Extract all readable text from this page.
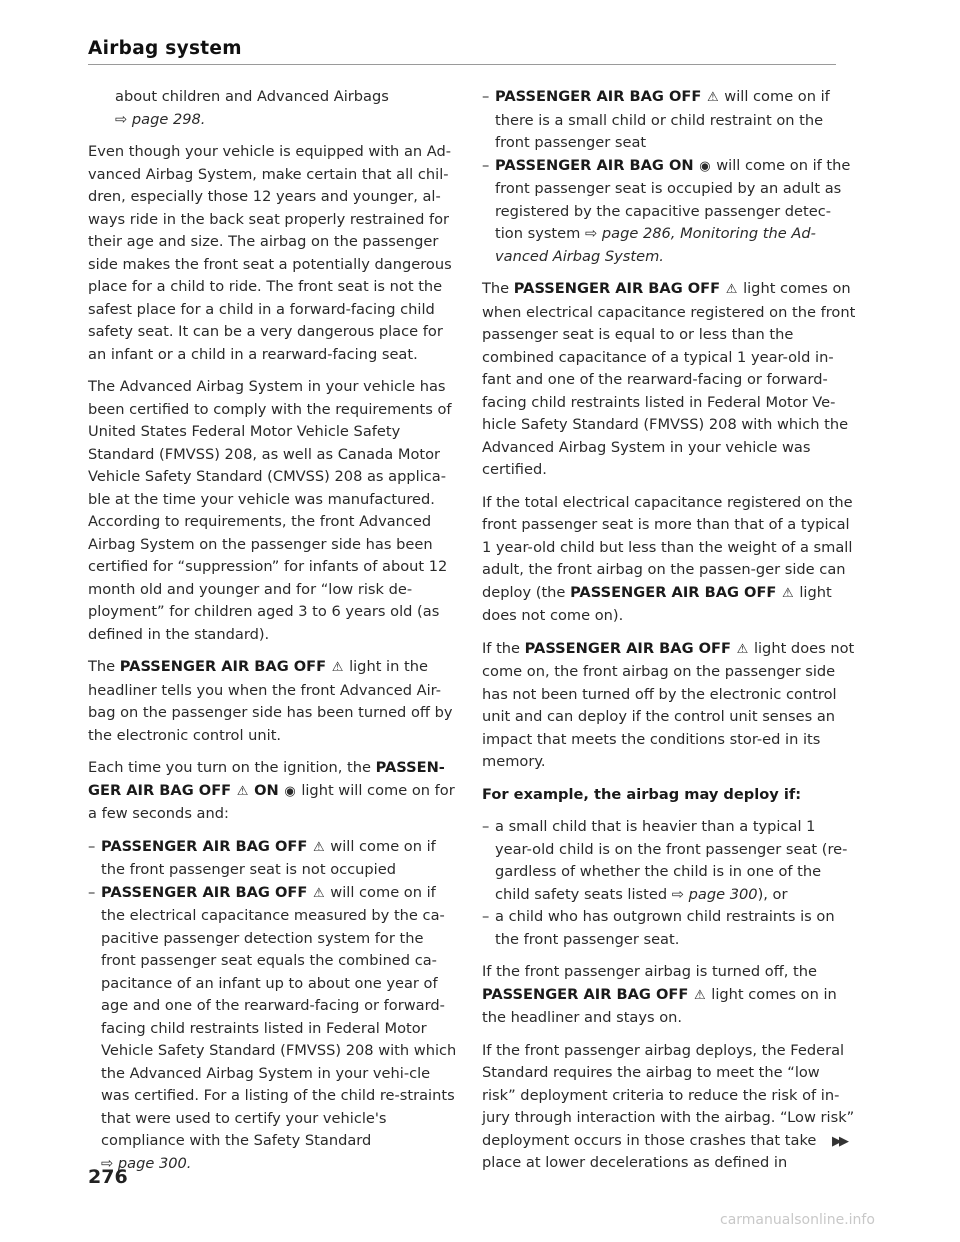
Airbag system

about children and Advanced Airbags
⇨ page 298.

Even though your vehicle is equipped with an Ad-vanced Airbag System, make certain that all chil-dren, especially those 12 years and younger, al-ways ride in the back seat properly restrained for their age and size. The airbag on the passenger side makes the front seat a potentially dangerous place for a child to ride. The front seat is not the safest place for a child in a forward-facing child safety seat. It can be a very dangerous place for an infant or a child in a rearward-facing seat.

The Advanced Airbag System in your vehicle has been certified to comply with the requirements of United States Federal Motor Vehicle Safety Standard (FMVSS) 208, as well as Canada Motor Vehicle Safety Standard (CMVSS) 208 as applica-ble at the time your vehicle was manufactured. According to requirements, the front Advanced Airbag System on the passenger side has been certified for “suppression” for infants of about 12 month old and younger and for “low risk de-ployment” for children aged 3 to 6 years old (as defined in the standard).

The PASSENGER AIR BAG OFF ⚠︎ light in the headliner tells you when the front Advanced Air-bag on the passenger side has been turned off by the electronic control unit.

Each time you turn on the ignition, the PASSEN-GER AIR BAG OFF ⚠︎ ON ◉ light will come on for a few seconds and:

– PASSENGER AIR BAG OFF ⚠︎ will come on if the front passenger seat is not occupied

– PASSENGER AIR BAG OFF ⚠︎ will come on if the electrical capacitance measured by the ca-pacitive passenger detection system for the front passenger seat equals the combined ca-pacitance of an infant up to about one year of age and one of the rearward-facing or forward-facing child restraints listed in Federal Motor Vehicle Safety Standard (FMVSS) 208 with which the Advanced Airbag System in your vehi-cle was certified. For a listing of the child re-straints that were used to certify your vehicle's compliance with the Safety Standard
⇨ page 300.

– PASSENGER AIR BAG OFF ⚠︎ will come on if there is a small child or child restraint on the front passenger seat

– PASSENGER AIR BAG ON ◉ will come on if the front passenger seat is occupied by an adult as registered by the capacitive passenger detec-tion system ⇨ page 286, Monitoring the Ad-vanced Airbag System.

The PASSENGER AIR BAG OFF ⚠︎ light comes on when electrical capacitance registered on the front passenger seat is equal to or less than the combined capacitance of a typical 1 year-old in-fant and one of the rearward-facing or forward-facing child restraints listed in Federal Motor Ve-hicle Safety Standard (FMVSS) 208 with which the Advanced Airbag System in your vehicle was certified.

If the total electrical capacitance registered on the front passenger seat is more than that of a typical 1 year-old child but less than the weight of a small adult, the front airbag on the passen-ger side can deploy (the PASSENGER AIR BAG OFF ⚠︎ light does not come on).

If the PASSENGER AIR BAG OFF ⚠︎ light does not come on, the front airbag on the passenger side has not been turned off by the electronic control unit and can deploy if the control unit senses an impact that meets the conditions stor-ed in its memory.

For example, the airbag may deploy if:

– a small child that is heavier than a typical 1 year-old child is on the front passenger seat (re-gardless of whether the child is in one of the child safety seats listed ⇨ page 300), or

– a child who has outgrown child restraints is on the front passenger seat.

If the front passenger airbag is turned off, the PASSENGER AIR BAG OFF ⚠︎ light comes on in the headliner and stays on.

If the front passenger airbag deploys, the Federal Standard requires the airbag to meet the “low risk” deployment criteria to reduce the risk of in-jury through interaction with the airbag. “Low risk” deployment occurs in those crashes that take place at lower decelerations as defined in

▶▶
276
carmanualsonline.info
